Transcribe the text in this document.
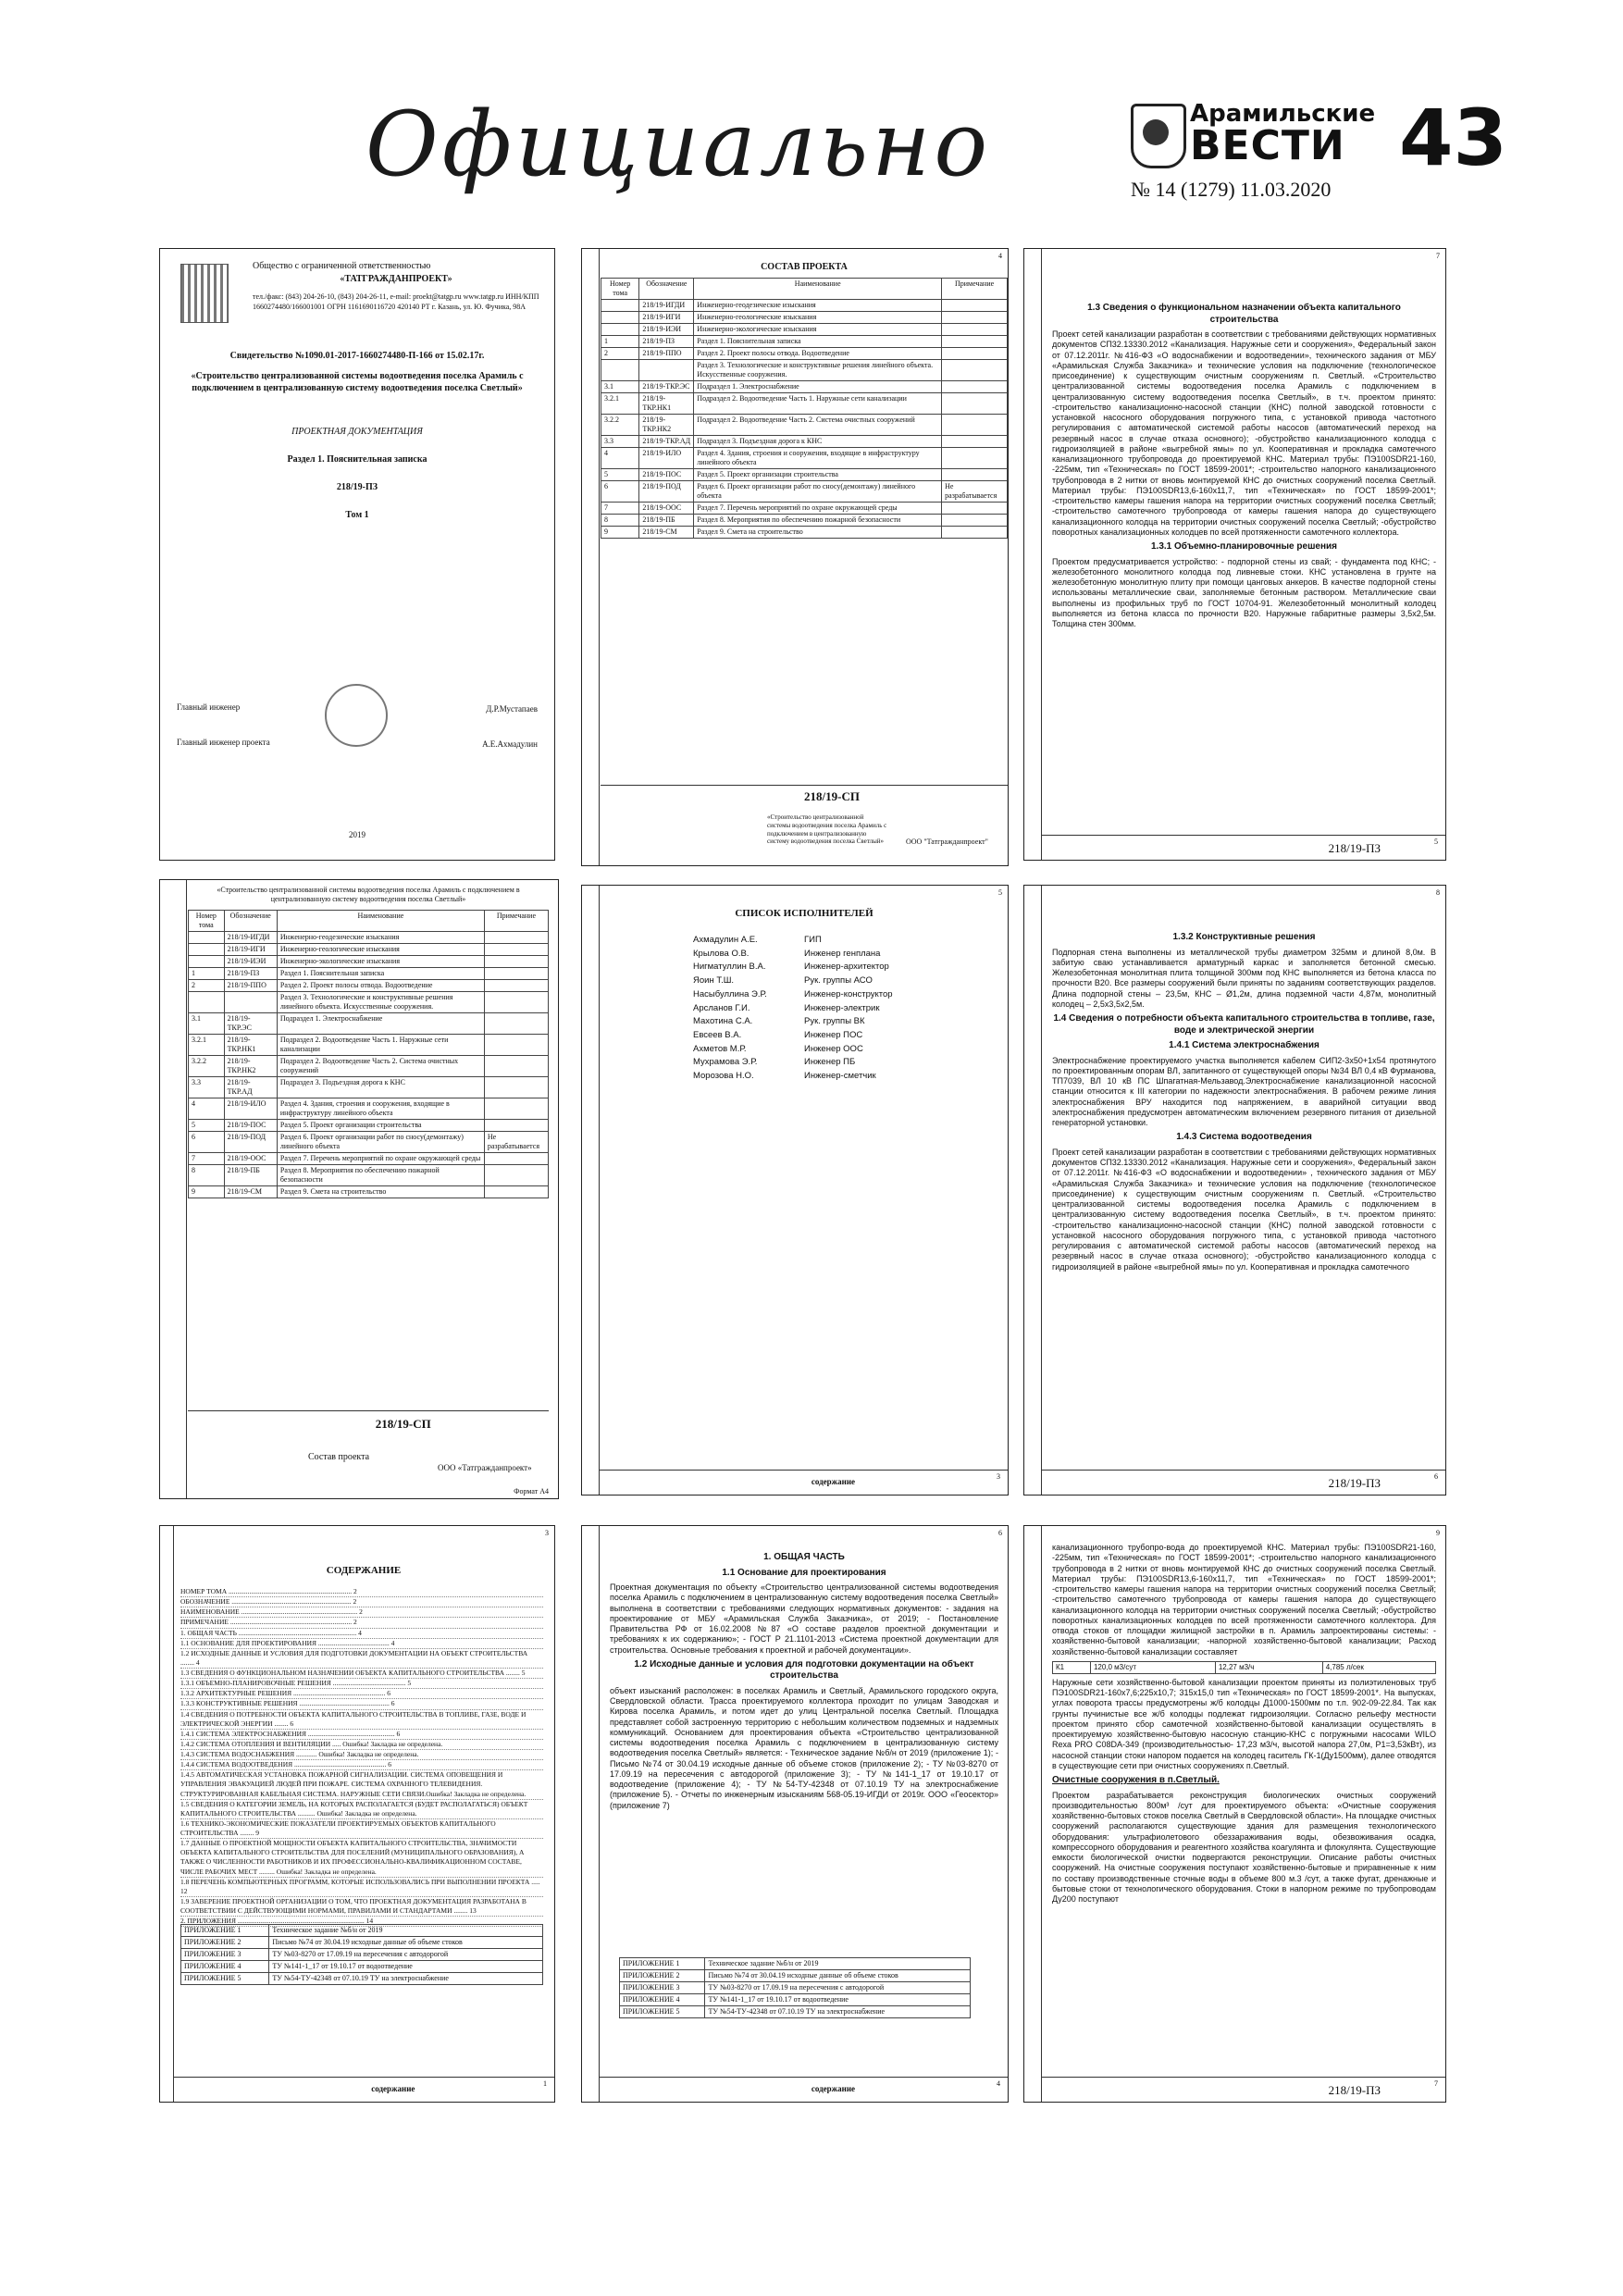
Официально	Арамильские
ВЕСТИ 43
№ 14 (1279) 11.03.2020
Общество с ограниченной ответственностью
«ТАТГРАЖДАНПРОЕКТ»
тел./факс: (843) 204-26-10, (843) 204-26-11, e-mail: proekt@tatgp.ru www.tatgp.ru ИНН/КПП 1660274480/166001001 ОГРН 1161690116720 420140 РТ г. Казань, ул. Ю. Фучика, 98А
Свидетельство №1090.01-2017-1660274480-П-166 от 15.02.17г.
«Строительство централизованной системы водоотведения поселка Арамиль с подключением в централизованную систему водоотведения поселка Светлый»
ПРОЕКТНАЯ ДОКУМЕНТАЦИЯ
Раздел 1. Пояснительная записка
218/19-ПЗ
Том 1
Главный инженер	Д.Р.Мустапаев
Главный инженер проекта	А.Е.Ахмадулин
2019
4
СОСТАВ ПРОЕКТА
Номер тома	Обозначение	Наименование	Примечание
	218/19-ИГДИ	Инженерно-геодезические изыскания	
	218/19-ИГИ	Инженерно-геологические изыскания	
	218/19-ИЭИ	Инженерно-экологические изыскания	
1	218/19-ПЗ	Раздел 1. Пояснительная записка	
2	218/19-ППО	Раздел 2. Проект полосы отвода. Водоотведение	
		Раздел 3. Технологические и конструктивные решения линейного объекта. Искусственные сооружения.	
3.1	218/19-ТКР.ЭС	Подраздел 1. Электроснабжение	
3.2.1	218/19-ТКР.НК1	Подраздел 2. Водоотведение Часть 1. Наружные сети канализации	
3.2.2	218/19-ТКР.НК2	Подраздел 2. Водоотведение Часть 2. Система очистных сооружений	
3.3	218/19-ТКР.АД	Подраздел 3. Подъездная дорога к КНС	
4	218/19-ИЛО	Раздел 4. Здания, строения и сооружения, входящие в инфраструктуру линейного объекта	
5	218/19-ПОС	Раздел 5. Проект организации строительства	
6	218/19-ПОД	Раздел 6. Проект организации работ по сносу(демонтажу) линейного объекта	Не разрабатывается
7	218/19-ООС	Раздел 7. Перечень мероприятий по охране окружающей среды	
8	218/19-ПБ	Раздел 8. Мероприятия по обеспечению пожарной безопасности	
9	218/19-СМ	Раздел 9. Смета на строительство	
218/19-СП
«Строительство централизованной системы водоотведения поселка Арамиль с подключением в централизованную систему водоотведения поселка Светлый»	ООО "Татгражданпроект"
7
1.3 Сведения о функциональном назначении объекта капитального строительства

Проект сетей канализации разработан в соответствии с требованиями действующих нормативных документов СП32.13330.2012 «Канализация. Наружные сети и сооружения», Федеральный закон от 07.12.2011г. №416-ФЗ «О водоснабжении и водоотведении», технического задания от МБУ «Арамильская Служба Заказчика» и технические условия на подключение (технологическое присоединение) к существующим очистным сооружениям п. Светлый. «Строительство централизованной системы водоотведения поселка Арамиль с подключением в централизованную систему водоотведения поселка Светлый», в т.ч. проектом принято: -строительство канализационно-насосной станции (КНС) полной заводской готовности с установкой насосного оборудования погружного типа, с установкой привода частотного регулирования с автоматической системой работы насосов (автоматический переход на резервный насос в случае отказа основного); -обустройство канализационного колодца с гидроизоляцией в районе «выгребной ямы» по ул. Кооперативная и прокладка самотечного канализационного трубопровода до проектируемой КНС. Материал трубы: ПЭ100SDR21-160, -225мм, тип «Техническая» по ГОСТ 18599-2001*; -строительство напорного канализационного трубопровода в 2 нитки от вновь монтируемой КНС до очистных сооружений поселка Светлый. Материал трубы: ПЭ100SDR13,6-160х11,7, тип «Техническая» по ГОСТ 18599-2001*; -строительство камеры гашения напора на территории очистных сооружений поселка Светлый; -строительство самотечного трубопровода от камеры гашения напора до существующего канализационного колодца на территории очистных сооружений поселка Светлый; -обустройство поворотных канализационных колодцев по всей протяженности самотечного коллектора.

1.3.1 Объемно-планировочные решения

Проектом предусматривается устройство: - подпорной стены из свай; - фундамента под КНС; - железобетонного монолитного колодца под ливневые стоки. КНС установлена в грунте на железобетонную монолитную плиту при помощи цанговых анкеров. В качестве подпорной стены использованы металлические сваи, заполняемые бетонным раствором. Металлические сваи выполнены из профильных труб по ГОСТ 10704-91. Железобетонный монолитный колодец выполняется из бетона класса по прочности В20. Наружные габаритные размеры 3,5х2,5м. Толщина стен 300мм.

218/19-ПЗ	5
«Строительство централизованной системы водоотведения поселка Арамиль с подключением в централизованную систему водоотведения поселка Светлый»
Номер тома	Обозначение	Наименование	Примечание
	218/19-ИГДИ	Инженерно-геодезические изыскания	
	218/19-ИГИ	Инженерно-геологические изыскания	
	218/19-ИЭИ	Инженерно-экологические изыскания	
1	218/19-ПЗ	Раздел 1. Пояснительная записка	
2	218/19-ППО	Раздел 2. Проект полосы отвода. Водоотведение	
		Раздел 3. Технологические и конструктивные решения линейного объекта. Искусственные сооружения.	
3.1	218/19-ТКР.ЭС	Подраздел 1. Электроснабжение	
3.2.1	218/19-ТКР.НК1	Подраздел 2. Водоотведение Часть 1. Наружные сети канализации	
3.2.2	218/19-ТКР.НК2	Подраздел 2. Водоотведение Часть 2. Система очистных сооружений	
3.3	218/19-ТКР.АД	Подраздел 3. Подъездная дорога к КНС	
4	218/19-ИЛО	Раздел 4. Здания, строения и сооружения, входящие в инфраструктуру линейного объекта	
5	218/19-ПОС	Раздел 5. Проект организации строительства	
6	218/19-ПОД	Раздел 6. Проект организации работ по сносу(демонтажу) линейного объекта	Не разрабатывается
7	218/19-ООС	Раздел 7. Перечень мероприятий по охране окружающей среды	
8	218/19-ПБ	Раздел 8. Мероприятия по обеспечению пожарной безопасности	
9	218/19-СМ	Раздел 9. Смета на строительство	
218/19-СП
Состав проекта
ООО «Татгражданпроект»
Формат А4
5
СПИСОК ИСПОЛНИТЕЛЕЙ
Ахмадулин А.Е.	ГИП
Крылова О.В.	Инженер генплана
Нигматуллин В.А.	Инженер-архитектор
Яоин Т.Ш.	Рук. группы АСО
Насыбуллина Э.Р.	Инженер-конструктор
Арсланов Г.И.	Инженер-электрик
Махотина С.А.	Рук. группы ВК
Евсеев В.А.	Инженер ПОС
Ахметов М.Р.	Инженер ООС
Мухрамова Э.Р.	Инженер ПБ
Морозова Н.О.	Инженер-сметчик
содержание
3
8
1.3.2 Конструктивные решения

Подпорная стена выполнены из металлической трубы диаметром 325мм и длиной 8,0м. В забитую сваю устанавливается арматурный каркас и заполняется бетонной смесью. Железобетонная монолитная плита толщиной 300мм под КНС выполняется из бетона класса по прочности В20. Все размеры сооружений были приняты по заданиям соответствующих разделов. Длина подпорной стены – 23,5м, КНС – Ø1,2м, длина подземной части 4,87м, монолитный колодец – 2,5х3,5х2,5м.

1.4 Сведения о потребности объекта капитального строительства в топливе, газе, воде и электрической энергии
1.4.1 Система электроснабжения

Электроснабжение проектируемого участка выполняется кабелем СИП2-3х50+1х54 протянутого по проектированным опорам ВЛ, запитанного от существующей опоры №34 ВЛ 0,4 кВ Фурманова, ТП7039, ВЛ 10 кВ ПС Шпагатная-Мельзавод.Электроснабжение канализационной насосной станции относится к III категории по надежности электроснабжения. В рабочем режиме линия электроснабжения ВРУ находится под напряжением, в аварийной ситуации ввод электроснабжения предусмотрен автоматическим включением резервного питания от дизельной генераторной установки.

1.4.3 Система водоотведения

Проект сетей канализации разработан в соответствии с требованиями действующих нормативных документов СП32.13330.2012 «Канализация. Наружные сети и сооружения», Федеральный закон от 07.12.2011г. №416-ФЗ «О водоснабжении и водоотведении» , технического задания от МБУ «Арамильская Служба Заказчика» и технические условия на подключение (технологическое присоединение) к существующим очистным сооружениям п. Светлый. «Строительство централизованной системы водоотведения поселка Арамиль с подключением в централизованную систему водоотведения поселка Светлый», в т.ч. проектом принято: -строительство канализационно-насосной станции (КНС) полной заводской готовности с установкой насосного оборудования погружного типа, с установкой привода частотного регулирования с автоматической системой работы насосов (автоматический переход на резервный насос в случае отказа основного); -обустройство канализационного колодца с гидроизоляцией в районе «выгребной ямы» по ул. Кооперативная и прокладка самотечного

218/19-ПЗ	6
3
СОДЕРЖАНИЕ
НОМЕР ТОМА ....................................................................... 2
ОБОЗНАЧЕНИЕ ..................................................................... 2
НАИМЕНОВАНИЕ ................................................................... 2
ПРИМЕЧАНИЕ ...................................................................... 2
1. ОБЩАЯ ЧАСТЬ .................................................................... 4
1.1 ОСНОВАНИЕ ДЛЯ ПРОЕКТИРОВАНИЯ ......................................... 4
1.2 ИСХОДНЫЕ ДАННЫЕ И УСЛОВИЯ ДЛЯ ПОДГОТОВКИ ДОКУМЕНТАЦИИ НА ОБЪЕКТ СТРОИТЕЛЬСТВА ........ 4
1.3 СВЕДЕНИЯ О ФУНКЦИОНАЛЬНОМ НАЗНАЧЕНИИ ОБЪЕКТА КАПИТАЛЬНОГО СТРОИТЕЛЬСТВА ........ 5
1.3.1 ОБЪЕМНО-ПЛАНИРОВОЧНЫЕ РЕШЕНИЯ .......................................... 5
1.3.2 АРХИТЕКТУРНЫЕ РЕШЕНИЯ ..................................................... 6
1.3.3 КОНСТРУКТИВНЫЕ РЕШЕНИЯ .................................................... 6
1.4 СВЕДЕНИЯ О ПОТРЕБНОСТИ ОБЪЕКТА КАПИТАЛЬНОГО СТРОИТЕЛЬСТВА В ТОПЛИВЕ, ГАЗЕ, ВОДЕ И ЭЛЕКТРИЧЕСКОЙ ЭНЕРГИИ ........ 6
1.4.1 СИСТЕМА ЭЛЕКТРОСНАБЖЕНИЯ .................................................. 6
1.4.2 СИСТЕМА ОТОПЛЕНИЯ И ВЕНТИЛЯЦИИ ..... Ошибка! Закладка не определена.
1.4.3 СИСТЕМА ВОДОСНАБЖЕНИЯ ............ Ошибка! Закладка не определена.
1.4.4 СИСТЕМА ВОДООТВЕДЕНИЯ ..................................................... 6
1.4.5 АВТОМАТИЧЕСКАЯ УСТАНОВКА ПОЖАРНОЙ СИГНАЛИЗАЦИИ. СИСТЕМА ОПОВЕЩЕНИЯ И УПРАВЛЕНИЯ ЭВАКУАЦИЕЙ ЛЮДЕЙ ПРИ ПОЖАРЕ. СИСТЕМА ОХРАННОГО ТЕЛЕВИДЕНИЯ. СТРУКТУРИРОВАННАЯ КАБЕЛЬНАЯ СИСТЕМА. НАРУЖНЫЕ СЕТИ СВЯЗИ.Ошибка! Закладка не определена.
1.5 СВЕДЕНИЯ О КАТЕГОРИИ ЗЕМЕЛЬ, НА КОТОРЫХ РАСПОЛАГАЕТСЯ (БУДЕТ РАСПОЛАГАТЬСЯ) ОБЪЕКТ КАПИТАЛЬНОГО СТРОИТЕЛЬСТВА .......... Ошибка! Закладка не определена.
1.6 ТЕХНИКО-ЭКОНОМИЧЕСКИЕ ПОКАЗАТЕЛИ ПРОЕКТИРУЕМЫХ ОБЪЕКТОВ КАПИТАЛЬНОГО СТРОИТЕЛЬСТВА ........ 9
1.7 ДАННЫЕ О ПРОЕКТНОЙ МОЩНОСТИ ОБЪЕКТА КАПИТАЛЬНОГО СТРОИТЕЛЬСТВА, ЗНАЧИМОСТИ ОБЪЕКТА КАПИТАЛЬНОГО СТРОИТЕЛЬСТВА ДЛЯ ПОСЕЛЕНИЙ (МУНИЦИПАЛЬНОГО ОБРАЗОВАНИЯ), А ТАКЖЕ О ЧИСЛЕННОСТИ РАБОТНИКОВ И ИХ ПРОФЕССИОНАЛЬНО-КВАЛИФИКАЦИОННОМ СОСТАВЕ, ЧИСЛЕ РАБОЧИХ МЕСТ ......... Ошибка! Закладка не определена.
1.8 ПЕРЕЧЕНЬ КОМПЬЮТЕРНЫХ ПРОГРАММ, КОТОРЫЕ ИСПОЛЬЗОВАЛИСЬ ПРИ ВЫПОЛНЕНИИ ПРОЕКТА ..... 12
1.9 ЗАВЕРЕНИЕ ПРОЕКТНОЙ ОРГАНИЗАЦИИ О ТОМ, ЧТО ПРОЕКТНАЯ ДОКУМЕНТАЦИЯ РАЗРАБОТАНА В СООТВЕТСТВИИ С ДЕЙСТВУЮЩИМИ НОРМАМИ, ПРАВИЛАМИ И СТАНДАРТАМИ ........ 13
2. ПРИЛОЖЕНИЯ ......................................................................... 14
ПРИЛОЖЕНИЕ 1	Техническое задание №б/н от 2019
ПРИЛОЖЕНИЕ 2	Письмо №74 от 30.04.19 исходные данные об объеме стоков
ПРИЛОЖЕНИЕ 3	ТУ №03-8270 от 17.09.19 на пересечения с автодорогой
ПРИЛОЖЕНИЕ 4	ТУ №141-1_17 от 19.10.17 от водоотведение
ПРИЛОЖЕНИЕ 5	ТУ №54-ТУ-42348 от 07.10.19 ТУ на электроснабжение
содержание
1
6
1. ОБЩАЯ ЧАСТЬ
1.1 Основание для проектирования

Проектная документация по объекту «Строительство централизованной системы водоотведения поселка Арамиль с подключением в централизованную систему водоотведения поселка Светлый» выполнена в соответствии с требованиями следующих нормативных документов: - задания на проектирование от МБУ «Арамильская Служба Заказчика», от 2019; - Постановление Правительства РФ от 16.02.2008 №87 «О составе разделов проектной документации и требованиях к их содержанию»; - ГОСТ Р 21.1101-2013 «Система проектной документации для строительства. Основные требования к проектной и рабочей документации».

1.2 Исходные данные и условия для подготовки документации на объект строительства

объект изысканий расположен: в поселках Арамиль и Светлый, Арамильского городского округа, Свердловской области. Трасса проектируемого коллектора проходит по улицам Заводская и Кирова поселка Арамиль, и потом идет до улиц Центральной поселка Светлый. Площадка представляет собой застроенную территорию с небольшим количеством подземных и надземных коммуникаций. Основанием для проектирования объекта «Строительство централизованной системы водоотведения поселка Арамиль с подключением в централизованную систему водоотведения поселка Светлый» является: - Техническое задание №б/н от 2019 (приложение 1); - Письмо №74 от 30.04.19 исходные данные об объеме стоков (приложение 2); - ТУ №03-8270 от 17.09.19 на пересечения с автодорогой (приложение 3); - ТУ №141-1_17 от 19.10.17 от водоотведение (приложение 4); - ТУ №54-ТУ-42348 от 07.10.19 ТУ на электроснабжение (приложение 5). - Отчеты по инженерным изысканиям 568-05.19-ИГДИ от 2019г. ООО «Геосектор» (приложение 7)

ПРИЛОЖЕНИЕ 1	Техническое задание №б/н от 2019
ПРИЛОЖЕНИЕ 2	Письмо №74 от 30.04.19 исходные данные об объеме стоков
ПРИЛОЖЕНИЕ 3	ТУ №03-8270 от 17.09.19 на пересечения с автодорогой
ПРИЛОЖЕНИЕ 4	ТУ №141-1_17 от 19.10.17 от водоотведение
ПРИЛОЖЕНИЕ 5	ТУ №54-ТУ-42348 от 07.10.19 ТУ на электроснабжение
содержание
4
9

канализационного трубопро-вода до проектируемой КНС. Материал трубы: ПЭ100SDR21-160, -225мм, тип «Техническая» по ГОСТ 18599-2001*; -строительство напорного канализационного трубопровода в 2 нитки от вновь монтируемой КНС до очистных сооружений поселка Светлый. Материал трубы: ПЭ100SDR13,6-160х11,7, тип «Техническая» по ГОСТ 18599-2001*; -строительство камеры гашения напора на территории очистных сооружений поселка Светлый; -строительство самотечного трубопровода от камеры гашения напора до существующего канализационного колодца на территории очистных сооружений поселка Светлый; -обустройство поворотных канализационных колодцев по всей протяженности самотечного коллектора. Для отвода стоков от площадки жилищной застройки в п. Арамиль запроектированы системы: - хозяйственно-бытовой канализации; -напорной хозяйственно-бытовой канализации; Расход хозяйственно-бытовой канализации составляет

К1	120,0 м3/сут	12,27 м3/ч	4,785 л/сек

Наружные сети хозяйственно-бытовой канализации проектом приняты из полиэтиленовых труб ПЭ100SDR21-160х7,6;225х10,7; 315х15,0 тип «Техническая» по ГОСТ 18599-2001*. На выпусках, углах поворота трассы предусмотрены ж/б колодцы Д1000-1500мм по т.п. 902-09-22.84. Так как грунты пучинистые все ж/б колодцы подлежат гидроизоляции. Согласно рельефу местности проектом принято сбор самотечной хозяйственно-бытовой канализации осуществлять в проектируемую хозяйственно-бытовую насосную станцию-КНС с погружными насосами WILO Rexa PRO C08DA-349 (производительностью- 17,23 м3/ч, высотой напора 27,0м, P1=3,53кВт), из насосной станции стоки напором подается на колодец гаситель ГК-1(Дy1500мм), далее отводятся в существующие сети при очистных сооружениях п.Светлый.

Очистные сооружения в п.Светлый.

Проектом разрабатывается реконструкция биологических очистных сооружений производительностью 800м³ /сут для проектируемого объекта: «Очистные сооружения хозяйственно-бытовых стоков поселка Светлый в Свердловской области». На площадке очистных сооружений располагаются существующие здания для размещения технологического оборудования: ультрафиолетового обеззараживания воды, обезвоживания осадка, компрессорного оборудования и реагентного хозяйства коагулянта и флокулянта. Существующие емкости биологической очистки подвергаются реконструкции. Описание работы очистных сооружений. На очистные сооружения поступают хозяйственно-бытовые и приравненные к ним по составу производственные сточные воды в объеме 800 м.3 /сут, а также фугат, дренажные и бытовые стоки от технологического оборудования. Стоки в напорном режиме по трубопроводам Ду200 поступают

218/19-ПЗ	7
